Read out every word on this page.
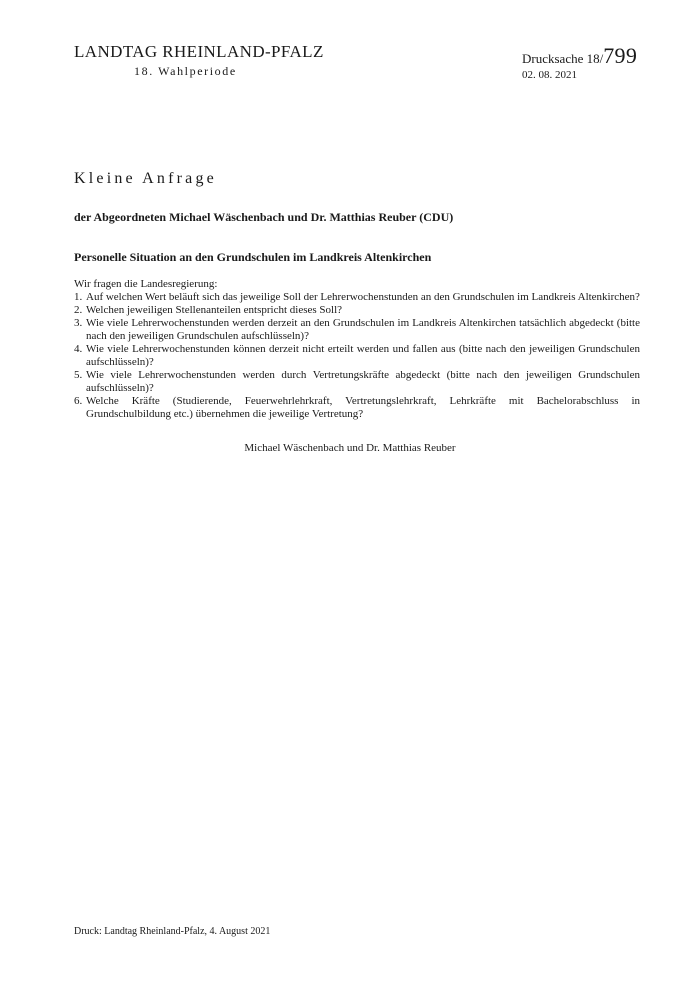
LANDTAG RHEINLAND-PFALZ
18. Wahlperiode
Drucksache 18/799
02. 08. 2021
Kleine Anfrage
der Abgeordneten Michael Wäschenbach und Dr. Matthias Reuber (CDU)
Personelle Situation an den Grundschulen im Landkreis Altenkirchen

Wir fragen die Landesregierung:

1. Auf welchen Wert beläuft sich das jeweilige Soll der Lehrerwochenstunden an den Grundschulen im Landkreis Altenkirchen?
2. Welchen jeweiligen Stellenanteilen entspricht dieses Soll?
3. Wie viele Lehrerwochenstunden werden derzeit an den Grundschulen im Landkreis Altenkirchen tatsächlich abgedeckt (bitte nach den jeweiligen Grundschulen aufschlüsseln)?
4. Wie viele Lehrerwochenstunden können derzeit nicht erteilt werden und fallen aus (bitte nach den jeweiligen Grundschulen aufschlüsseln)?
5. Wie viele Lehrerwochenstunden werden durch Vertretungskräfte abgedeckt (bitte nach den jeweiligen Grundschulen aufschlüsseln)?
6. Welche Kräfte (Studierende, Feuerwehrlehrkraft, Vertretungslehrkraft, Lehrkräfte mit Bachelorabschluss in Grundschulbildung etc.) übernehmen die jeweilige Vertretung?
Michael Wäschenbach und Dr. Matthias Reuber
Druck: Landtag Rheinland-Pfalz, 4. August 2021
